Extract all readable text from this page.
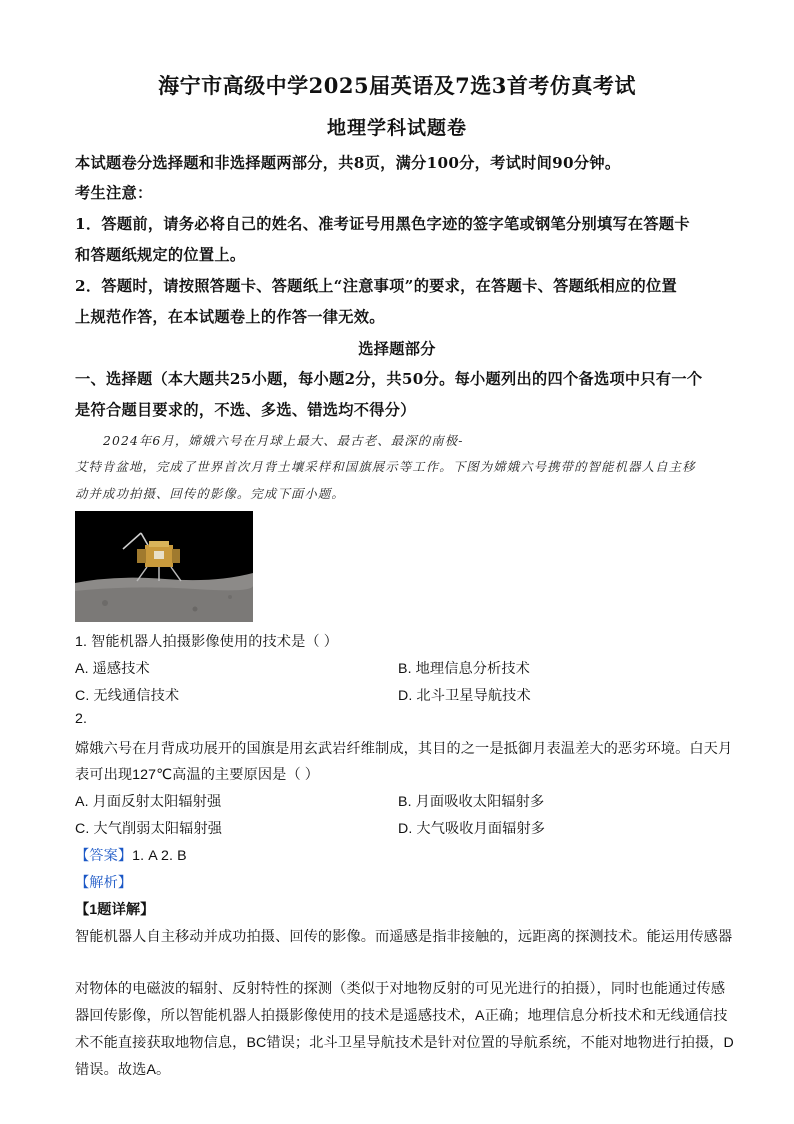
海宁市高级中学2025届英语及7选3首考仿真考试
地理学科试题卷
本试题卷分选择题和非选择题两部分，共8页，满分100分，考试时间90分钟。
考生注意：
1．答题前，请务必将自己的姓名、准考证号用黑色字迹的签字笔或钢笔分别填写在答题卡
和答题纸规定的位置上。
2．答题时，请按照答题卡、答题纸上“注意事项”的要求，在答题卡、答题纸相应的位置
上规范作答，在本试题卷上的作答一律无效。
选择题部分
一、选择题（本大题共25小题，每小题2分，共50分。每小题列出的四个备选项中只有一个
是符合题目要求的，不选、多选、错选均不得分）
2024年6月，嫦娥六号在月球上最大、最古老、最深的南极-
艾特肯盆地，完成了世界首次月背土壤采样和国旗展示等工作。下图为嫦娥六号携带的智能机器人自主移
动并成功拍摄、回传的影像。完成下面小题。
1. 智能机器人拍摄影像使用的技术是（ ）
A. 遥感技术	B. 地理信息分析技术
C. 无线通信技术	D. 北斗卫星导航技术
2.
嫦娥六号在月背成功展开的国旗是用玄武岩纤维制成，其目的之一是抵御月表温差大的恶劣环境。白天月
表可出现127℃高温的主要原因是（ ）
A. 月面反射太阳辐射强	B. 月面吸收太阳辐射多
C. 大气削弱太阳辐射强	D. 大气吸收月面辐射多
【答案】1. A 2. B
【解析】
【1题详解】
智能机器人自主移动并成功拍摄、回传的影像。而遥感是指非接触的，远距离的探测技术。能运用传感器
对物体的电磁波的辐射、反射特性的探测（类似于对地物反射的可见光进行的拍摄），同时也能通过传感
器回传影像，所以智能机器人拍摄影像使用的技术是遥感技术，A正确；地理信息分析技术和无线通信技
术不能直接获取地物信息，BC错误；北斗卫星导航技术是针对位置的导航系统，不能对地物进行拍摄，D
错误。故选A。
